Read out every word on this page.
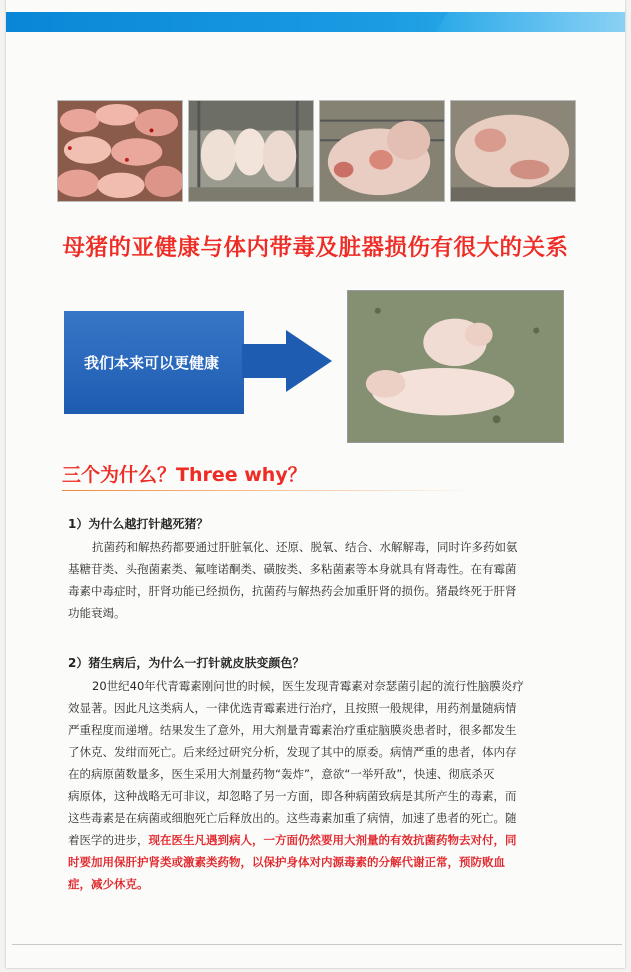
母猪的亚健康与体内带毒及脏器损伤有很大的关系
我们本来可以更健康
三个为什么？Three why？
1）为什么越打针越死猪？
抗菌药和解热药都要通过肝脏氧化、还原、脱氧、结合、水解解毒，同时许多药如氨
基糖苷类、头孢菌素类、氟喹诺酮类、磺胺类、多粘菌素等本身就具有肾毒性。在有霉菌
毒素中毒症时，肝肾功能已经损伤，抗菌药与解热药会加重肝肾的损伤。猪最终死于肝肾
功能衰竭。
2）猪生病后，为什么一打针就皮肤变颜色？
20世纪40年代青霉素刚问世的时候，医生发现青霉素对奈瑟菌引起的流行性脑膜炎疗
效显著。因此凡这类病人，一律优选青霉素进行治疗，且按照一般规律，用药剂量随病情
严重程度而递增。结果发生了意外，用大剂量青霉素治疗重症脑膜炎患者时，很多都发生
了休克、发绀而死亡。后来经过研究分析，发现了其中的原委。病情严重的患者，体内存
在的病原菌数量多，医生采用大剂量药物“轰炸”，意欲“一举歼敌”，快速、彻底杀灭
病原体，这种战略无可非议，却忽略了另一方面，即各种病菌致病是其所产生的毒素，而
这些毒素是在病菌或细胞死亡后释放出的。这些毒素加重了病情，加速了患者的死亡。随
着医学的进步，现在医生凡遇到病人，一方面仍然要用大剂量的有效抗菌药物去对付，同
时要加用保肝护肾类或激素类药物，以保护身体对内源毒素的分解代谢正常，预防败血
症，减少休克。
